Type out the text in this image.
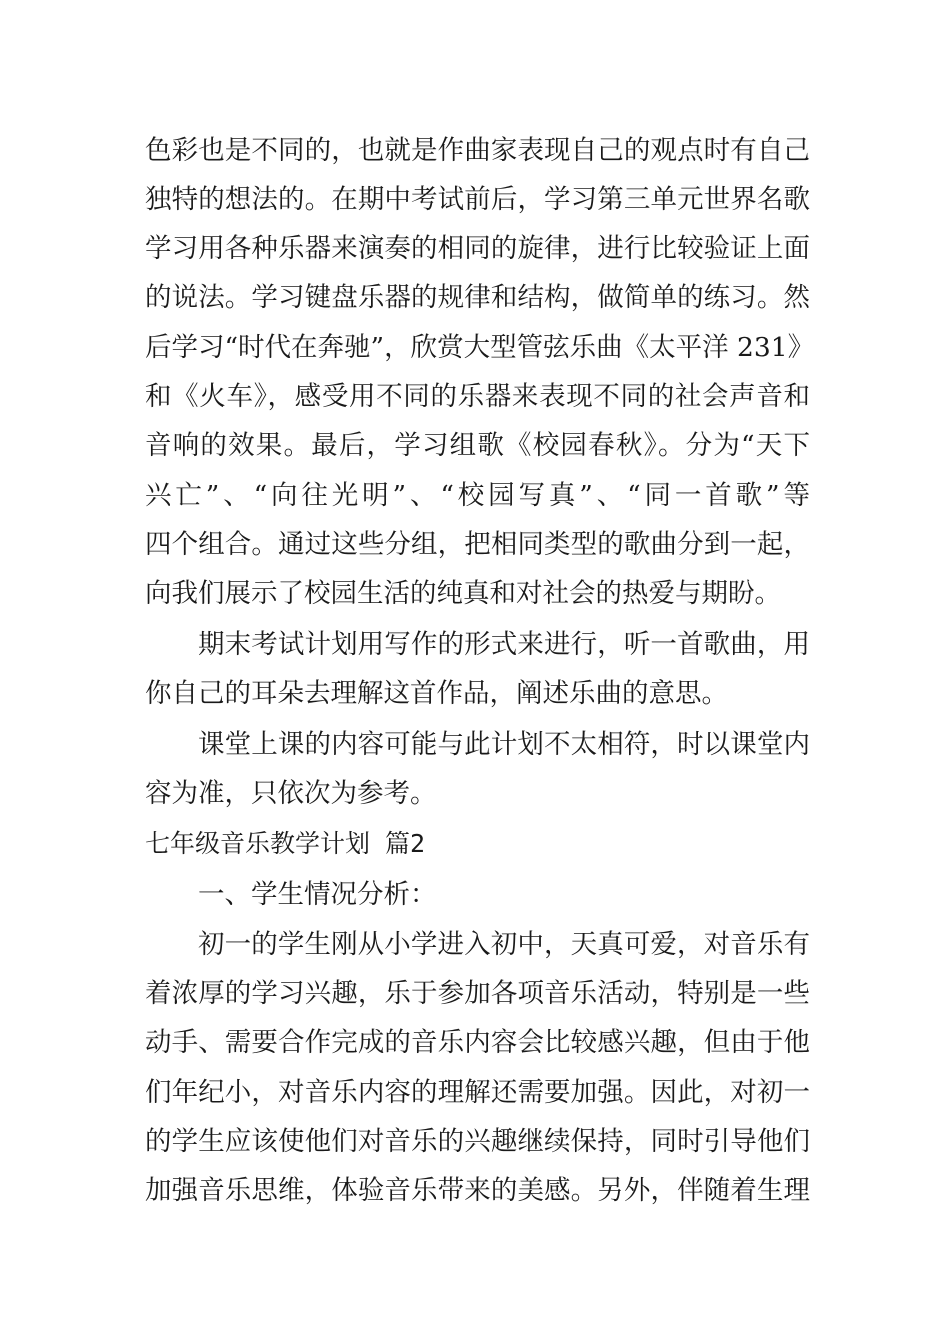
色彩也是不同的，也就是作曲家表现自己的观点时有自己
独特的想法的。在期中考试前后，学习第三单元世界名歌
学习用各种乐器来演奏的相同的旋律，进行比较验证上面
的说法。学习键盘乐器的规律和结构，做简单的练习。然
后学习“时代在奔驰”，欣赏大型管弦乐曲《太平洋 231》
和《火车》，感受用不同的乐器来表现不同的社会声音和
音响的效果。最后，学习组歌《校园春秋》。分为“天下
兴亡”、“向往光明”、“校园写真”、“同一首歌”等
四个组合。通过这些分组，把相同类型的歌曲分到一起，
向我们展示了校园生活的纯真和对社会的热爱与期盼。
期末考试计划用写作的形式来进行，听一首歌曲，用
你自己的耳朵去理解这首作品，阐述乐曲的意思。
课堂上课的内容可能与此计划不太相符，时以课堂内
容为准，只依次为参考。
七年级音乐教学计划 篇2
一、学生情况分析：
初一的学生刚从小学进入初中，天真可爱，对音乐有
着浓厚的学习兴趣，乐于参加各项音乐活动，特别是一些
动手、需要合作完成的音乐内容会比较感兴趣，但由于他
们年纪小，对音乐内容的理解还需要加强。因此，对初一
的学生应该使他们对音乐的兴趣继续保持，同时引导他们
加强音乐思维，体验音乐带来的美感。另外，伴随着生理
